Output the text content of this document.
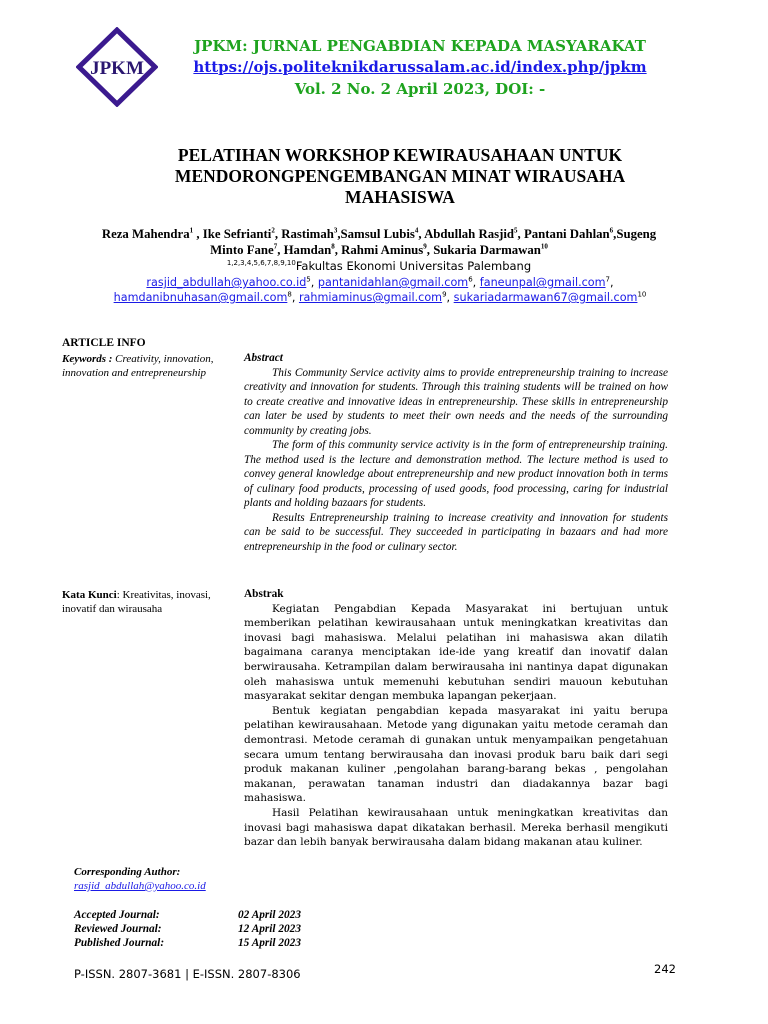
JPKM
JPKM: JURNAL PENGABDIAN KEPADA MASYARAKAT
https://ojs.politeknikdarussalam.ac.id/index.php/jpkm
Vol. 2 No. 2 April 2023, DOI: -
PELATIHAN WORKSHOP KEWIRAUSAHAAN UNTUK
MENDORONGPENGEMBANGAN MINAT WIRAUSAHA
MAHASISWA
Reza Mahendra$^1$ , Ike Sefrianti$^2$, Rastimah$^3$,Samsul Lubis$^4$, Abdullah Rasjid$^5$, Pantani Dahlan$^6$,Sugeng Minto Fane$^7$, Hamdan$^8$, Rahmi Aminus$^9$, Sukaria Darmawan$^{10}$
$^{1,2,3,4,5,6,7,8,9,10}$Fakultas Ekonomi Universitas Palembang
$rasjid\_abdullah@yahoo.co.id^5$, pantanidahlan@gmail.com$^6$, faneunpal@gmail.com$^7$,
hamdanibnuhasan@gmail.com$^8$, rahmiaminus@gmail.com$^9$, sukariadarmawan67@gmail.com$^{10}$
ARTICLE INFO
Keywords : Creativity, innovation, innovation and entrepreneurship
Kata Kunci: Kreativitas, inovasi, inovatif dan wirausaha

Abstract

This Community Service activity aims to provide entrepreneurship training to increase creativity and innovation for students. Through this training students will be trained on how to create creative and innovative ideas in entrepreneurship. These skills in entrepreneurship can later be used by students to meet their own needs and the needs of the surrounding community by creating jobs.

The form of this community service activity is in the form of entrepreneurship training. The method used is the lecture and demonstration method. The lecture method is used to convey general knowledge about entrepreneurship and new product innovation both in terms of culinary food products, processing of used goods, food processing, caring for industrial plants and holding bazaars for students.

Results Entrepreneurship training to increase creativity and innovation for students can be said to be successful. They succeeded in participating in bazaars and had more entrepreneurship in the food or culinary sector.

Abstrak

Kegiatan Pengabdian Kepada Masyarakat ini bertujuan untuk memberikan pelatihan kewirausahaan untuk meningkatkan kreativitas dan inovasi bagi mahasiswa. Melalui pelatihan ini mahasiswa akan dilatih bagaimana caranya menciptakan ide-ide yang kreatif dan inovatif dalan berwirausaha. Ketrampilan dalam berwirausaha ini nantinya dapat digunakan oleh mahasiswa untuk memenuhi kebutuhan sendiri mauoun kebutuhan masyarakat sekitar dengan membuka lapangan pekerjaan.

Bentuk kegiatan pengabdian kepada masyarakat ini yaitu berupa pelatihan kewirausahaan. Metode yang digunakan yaitu metode ceramah dan demontrasi. Metode ceramah di gunakan untuk menyampaikan pengetahuan secara umum tentang berwirausaha dan inovasi produk baru baik dari segi produk makanan kuliner ,pengolahan barang-barang bekas , pengolahan makanan, perawatan tanaman industri dan diadakannya bazar bagi mahasiswa.

Hasil Pelatihan kewirausahaan untuk meningkatkan kreativitas dan inovasi bagi mahasiswa dapat dikatakan berhasil. Mereka berhasil mengikuti bazar dan lebih banyak berwirausaha dalam bidang makanan atau kuliner.

Corresponding Author:
rasjid_abdullah@yahoo.co.id
Accepted Journal:	02 April 2023
Reviewed Journal:	12 April 2023
Published Journal:	15 April 2023
P-ISSN. 2807-3681 | E-ISSN. 2807-8306	242
